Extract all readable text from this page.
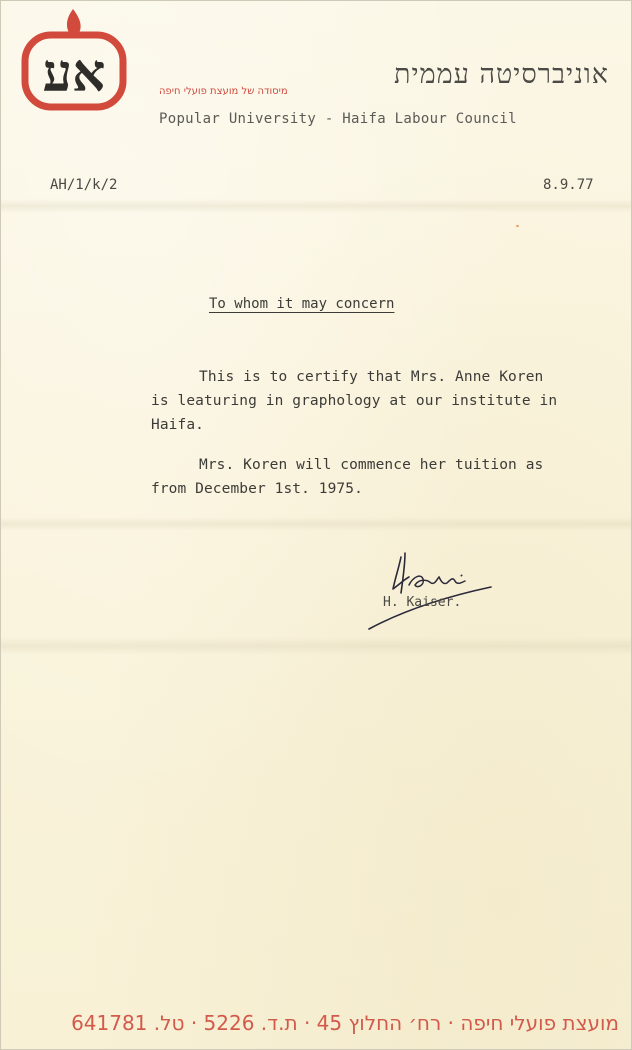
אע	אוניברסיטה עממית
מיסודה של מועצת פועלי חיפה
Popular University - Haifa Labour Council
AH/1/k/2	8.9.77
To whom it may concern
This is to certify that Mrs. Anne Koren
is leaturing in graphology at our institute in
Haifa.
Mrs. Koren will commence her tuition as
from December 1st. 1975.
H. Kaiser.
מועצת פועלי חיפה · רח׳ החלוץ 45 · ת.ד. 5226 · טל. 641781
